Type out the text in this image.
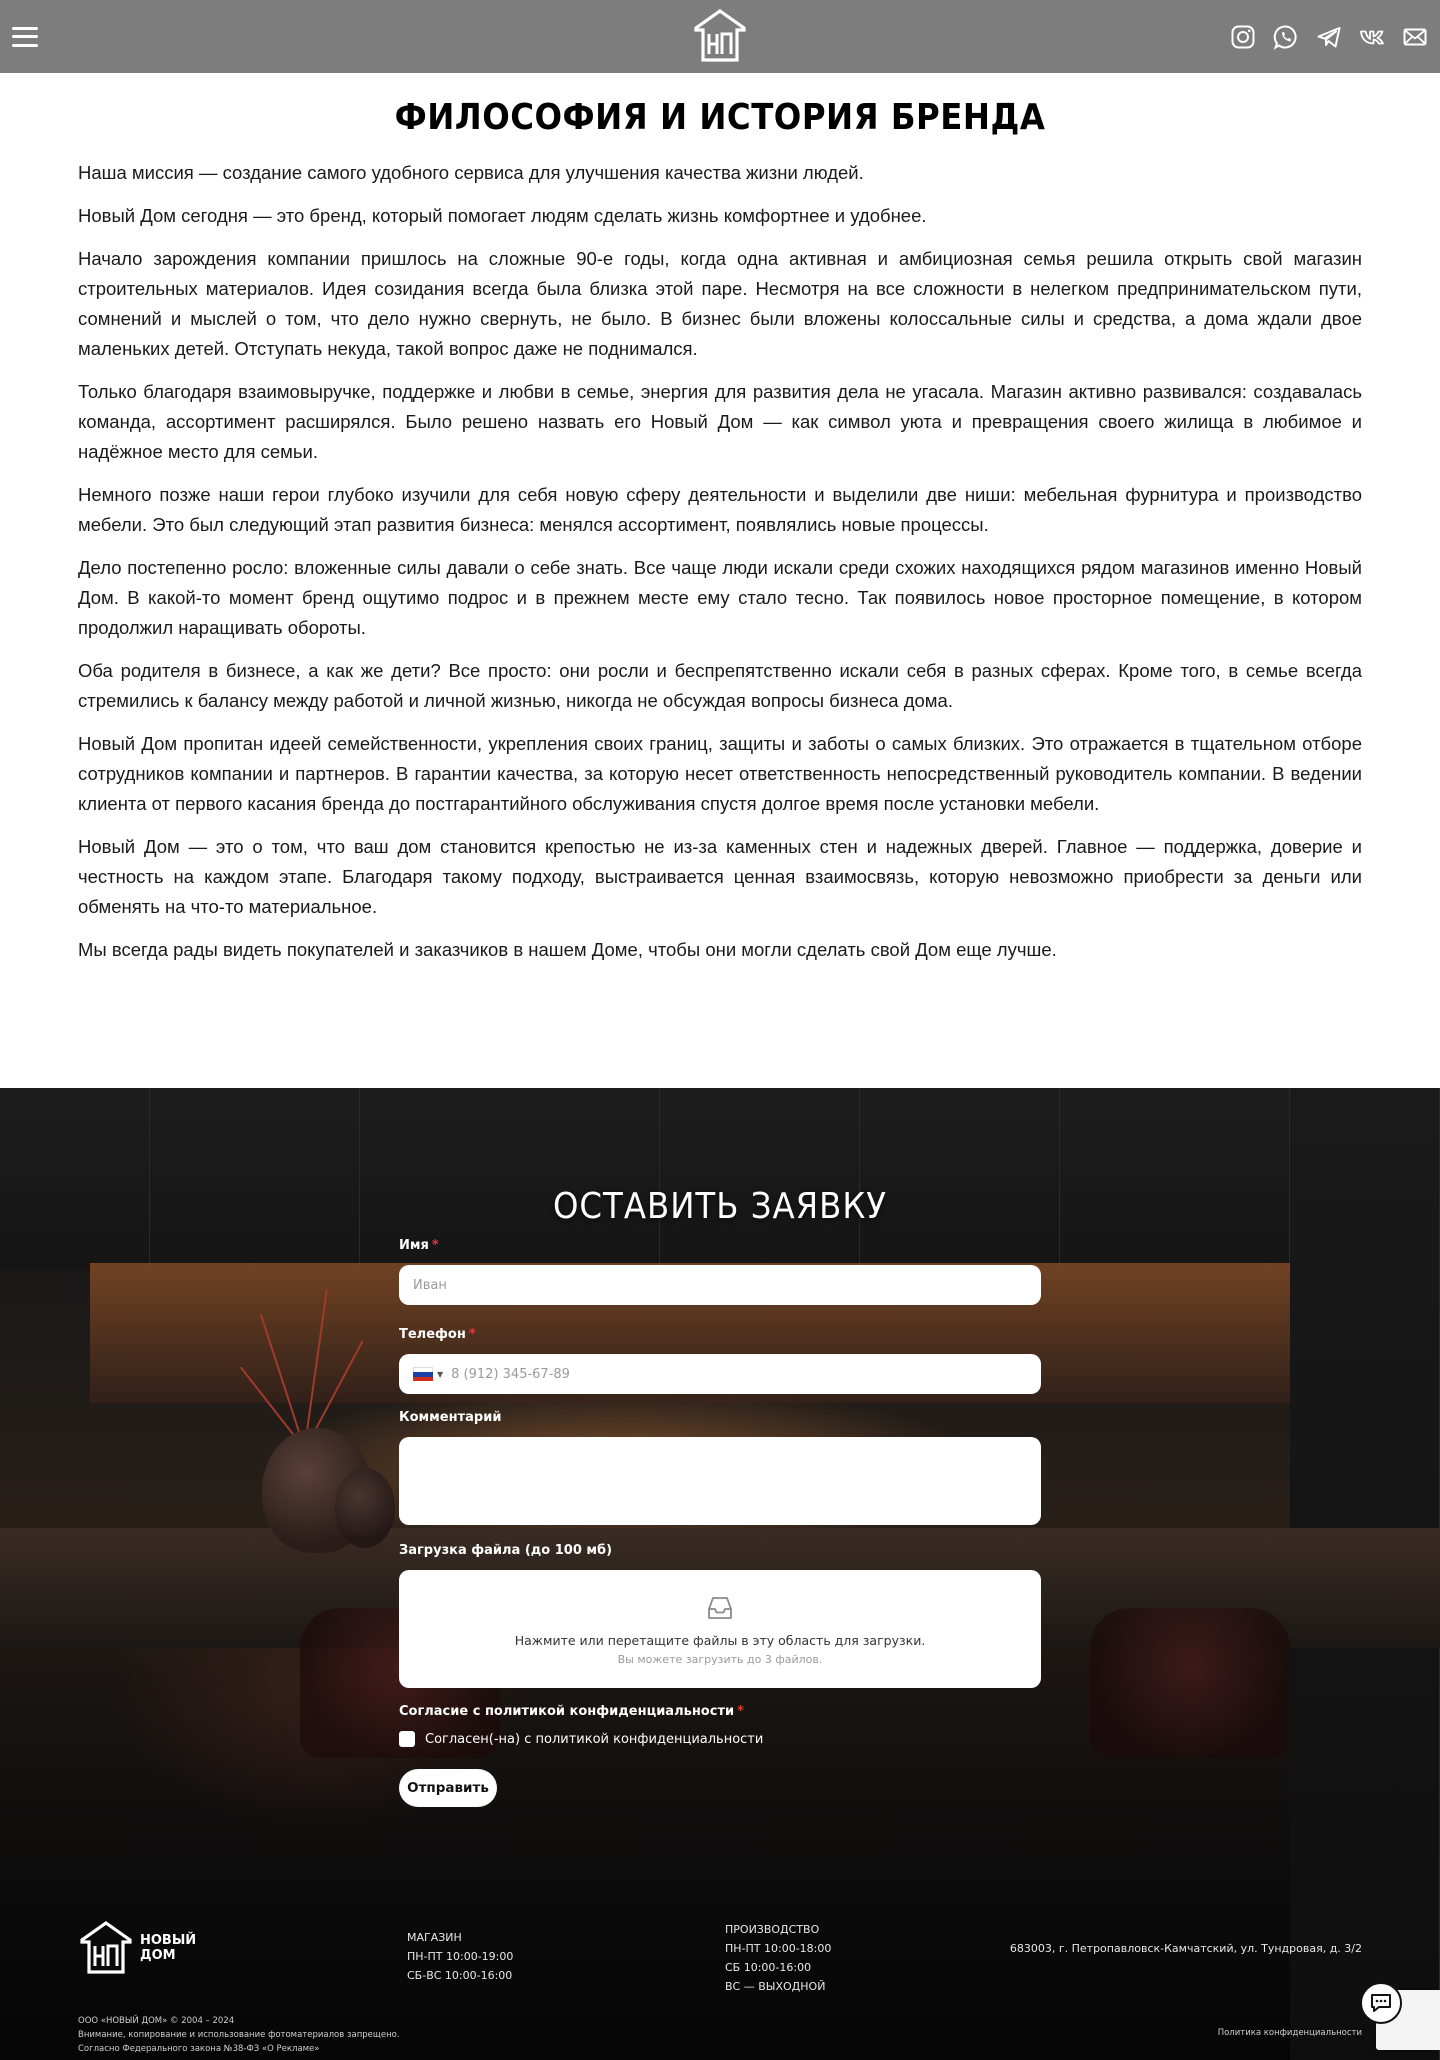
ФИЛОСОФИЯ И ИСТОРИЯ БРЕНДА

Наша миссия — создание самого удобного сервиса для улучшения качества жизни людей.

Новый Дом сегодня — это бренд, который помогает людям сделать жизнь комфортнее и удобнее.

Начало зарождения компании пришлось на сложные 90-е годы, когда одна активная и амбициозная семья решила открыть свой магазин строительных материалов. Идея созидания всегда была близка этой паре. Несмотря на все сложности в нелегком предпринимательском пути, сомнений и мыслей о том, что дело нужно свернуть, не было. В бизнес были вложены колоссальные силы и средства, а дома ждали двое маленьких детей. Отступать некуда, такой вопрос даже не поднимался.

Только благодаря взаимовыручке, поддержке и любви в семье, энергия для развития дела не угасала. Магазин активно развивался: создавалась команда, ассортимент расширялся. Было решено назвать его Новый Дом — как символ уюта и превращения своего жилища в любимое и надёжное место для семьи.

Немного позже наши герои глубоко изучили для себя новую сферу деятельности и выделили две ниши: мебельная фурнитура и производство мебели. Это был следующий этап развития бизнеса: менялся ассортимент, появлялись новые процессы.

Дело постепенно росло: вложенные силы давали о себе знать. Все чаще люди искали среди схожих находящихся рядом магазинов именно Новый Дом. В какой-то момент бренд ощутимо подрос и в прежнем месте ему стало тесно. Так появилось новое просторное помещение, в котором продолжил наращивать обороты.

Оба родителя в бизнесе, а как же дети? Все просто: они росли и беспрепятственно искали себя в разных сферах. Кроме того, в семье всегда стремились к балансу между работой и личной жизнью, никогда не обсуждая вопросы бизнеса дома.

Новый Дом пропитан идеей семейственности, укрепления своих границ, защиты и заботы о самых близких. Это отражается в тщательном отборе сотрудников компании и партнеров. В гарантии качества, за которую несет ответственность непосредственный руководитель компании. В ведении клиента от первого касания бренда до постгарантийного обслуживания спустя долгое время после установки мебели.

Новый Дом — это о том, что ваш дом становится крепостью не из-за каменных стен и надежных дверей. Главное — поддержка, доверие и честность на каждом этапе. Благодаря такому подходу, выстраивается ценная взаимосвязь, которую невозможно приобрести за деньги или обменять на что-то материальное.

Мы всегда рады видеть покупателей и заказчиков в нашем Доме, чтобы они могли сделать свой Дом еще лучше.

ОСТАВИТЬ ЗАЯВКУ
Имя *
Иван
Телефон *
▼ 8 (912) 345-67-89
Комментарий
Загрузка файла (до 100 мб)
Нажмите или перетащите файлы в эту область для загрузки.
Вы можете загрузить до 3 файлов.
Согласие с политикой конфиденциальности *
Согласен(-на) с политикой конфиденциальности
Отправить
НОВЫЙ
ДОМ
МАГАЗИН
ПН-ПТ 10:00-19:00
СБ-ВС 10:00-16:00
ПРОИЗВОДСТВО
ПН-ПТ 10:00-18:00
СБ 10:00-16:00
ВС — ВЫХОДНОЙ
683003, г. Петропавловск-Камчатский, ул. Тундровая, д. 3/2
ООО «НОВЫЙ ДОМ» © 2004 – 2024
Внимание, копирование и использование фотоматериалов запрещено.
Согласно Федерального закона №38-ФЗ «О Рекламе»
Политика конфиденциальности
